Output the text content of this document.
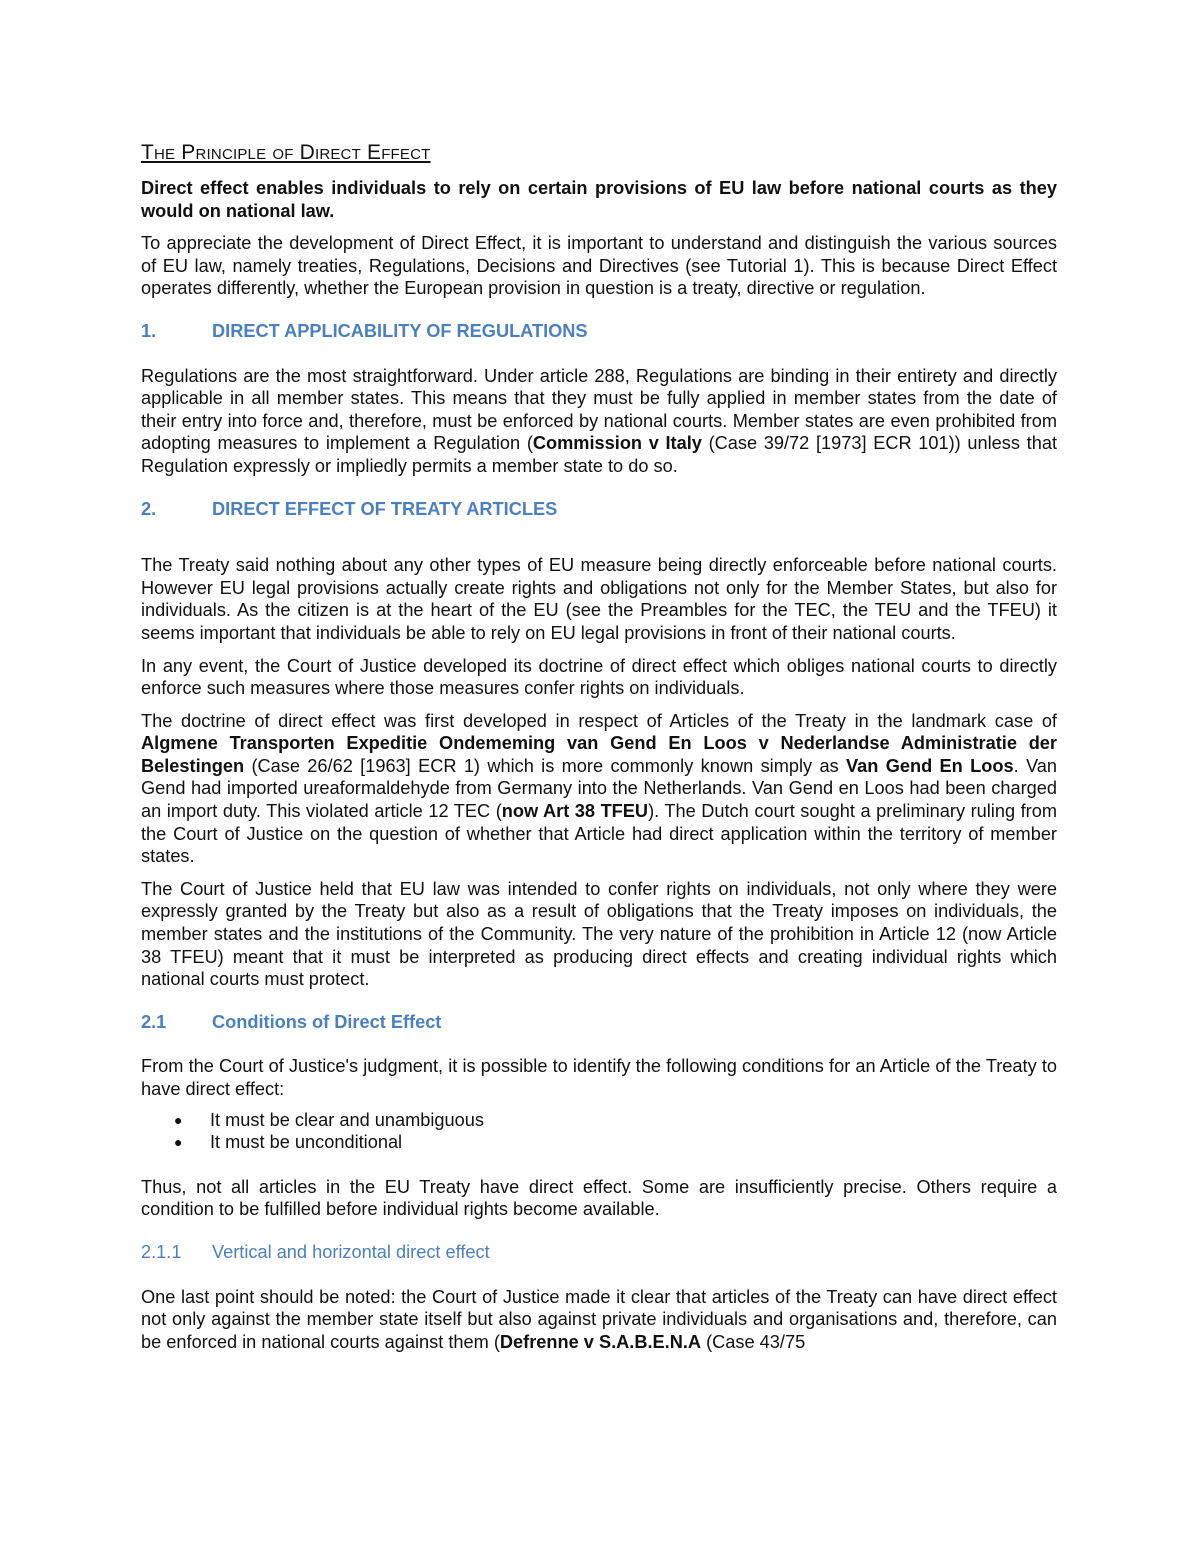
The Principle of Direct Effect

Direct effect enables individuals to rely on certain provisions of EU law before national courts as they would on national law.

To appreciate the development of Direct Effect, it is important to understand and distinguish the various sources of EU law, namely treaties, Regulations, Decisions and Directives (see Tutorial 1). This is because Direct Effect operates differently, whether the European provision in question is a treaty, directive or regulation.

1.	DIRECT APPLICABILITY OF REGULATIONS

Regulations are the most straightforward. Under article 288, Regulations are binding in their entirety and directly applicable in all member states. This means that they must be fully applied in member states from the date of their entry into force and, therefore, must be enforced by national courts. Member states are even prohibited from adopting measures to implement a Regulation (Commission v Italy (Case 39/72 [1973] ECR 101)) unless that Regulation expressly or impliedly permits a member state to do so.

2.	DIRECT EFFECT OF TREATY ARTICLES

The Treaty said nothing about any other types of EU measure being directly enforceable before national courts. However EU legal provisions actually create rights and obligations not only for the Member States, but also for individuals. As the citizen is at the heart of the EU (see the Preambles for the TEC, the TEU and the TFEU) it seems important that individuals be able to rely on EU legal provisions in front of their national courts.

In any event, the Court of Justice developed its doctrine of direct effect which obliges national courts to directly enforce such measures where those measures confer rights on individuals.

The doctrine of direct effect was first developed in respect of Articles of the Treaty in the landmark case of Algmene Transporten Expeditie Ondememing van Gend En Loos v Nederlandse Administratie der Belestingen (Case 26/62 [1963] ECR 1) which is more commonly known simply as Van Gend En Loos. Van Gend had imported ureaformaldehyde from Germany into the Netherlands. Van Gend en Loos had been charged an import duty. This violated article 12 TEC (now Art 38 TFEU). The Dutch court sought a preliminary ruling from the Court of Justice on the question of whether that Article had direct application within the territory of member states.

The Court of Justice held that EU law was intended to confer rights on individuals, not only where they were expressly granted by the Treaty but also as a result of obligations that the Treaty imposes on individuals, the member states and the institutions of the Community. The very nature of the prohibition in Article 12 (now Article 38 TFEU) meant that it must be interpreted as producing direct effects and creating individual rights which national courts must protect.

2.1	Conditions of Direct Effect

From the Court of Justice's judgment, it is possible to identify the following conditions for an Article of the Treaty to have direct effect:

●	It must be clear and unambiguous
●	It must be unconditional

Thus, not all articles in the EU Treaty have direct effect. Some are insufficiently precise. Others require a condition to be fulfilled before individual rights become available.

2.1.1	Vertical and horizontal direct effect

One last point should be noted: the Court of Justice made it clear that articles of the Treaty can have direct effect not only against the member state itself but also against private individuals and organisations and, therefore, can be enforced in national courts against them (Defrenne v S.A.B.E.N.A (Case 43/75
